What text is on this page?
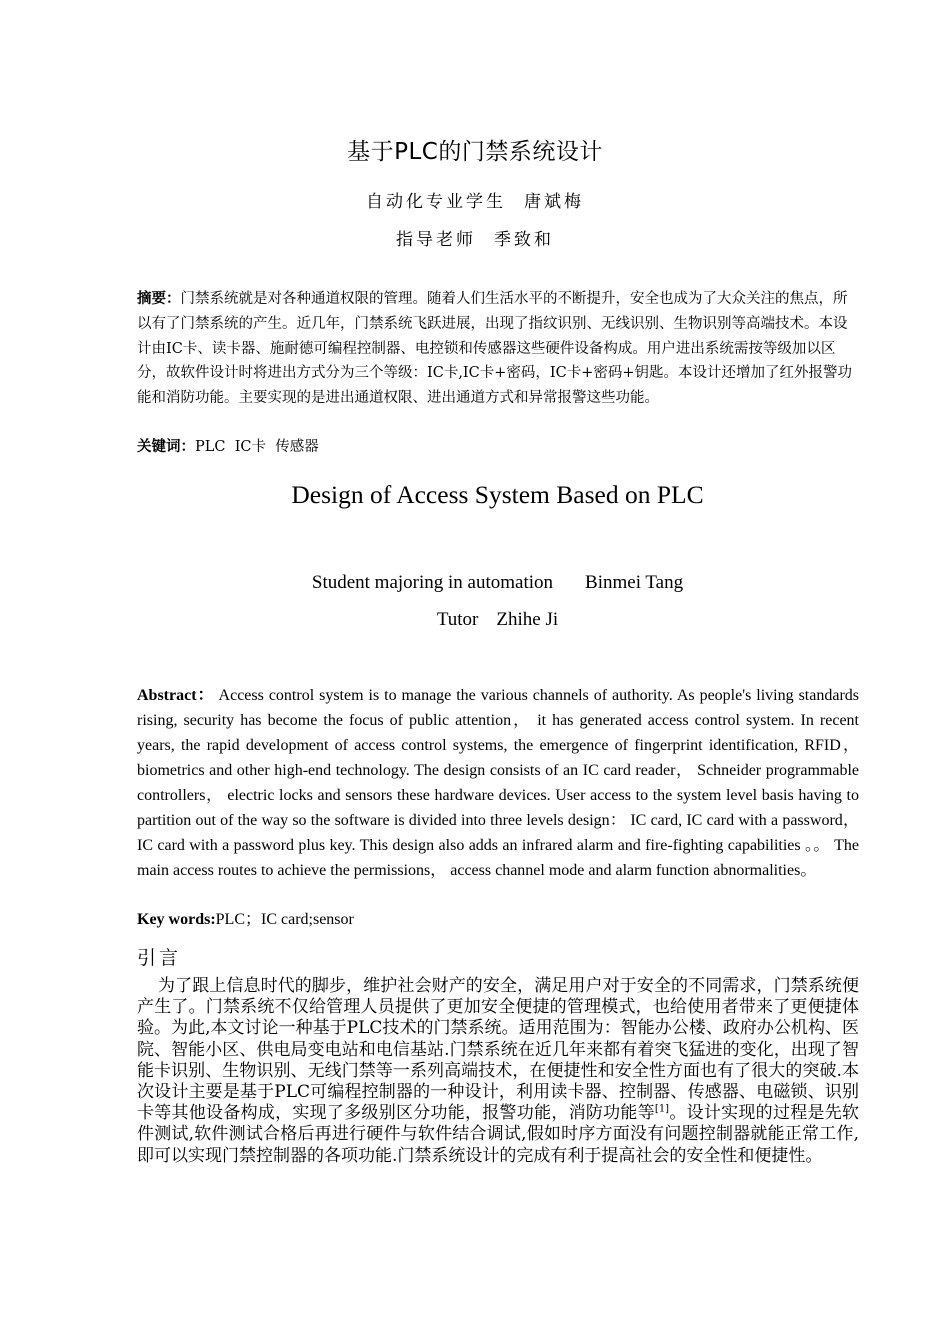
基于PLC的门禁系统设计
自动化专业学生 唐斌梅
指导老师 季致和
摘要：门禁系统就是对各种通道权限的管理。随着人们生活水平的不断提升，安全也成为了大众关注的焦点，所以有了门禁系统的产生。近几年，门禁系统飞跃进展，出现了指纹识别、无线识别、生物识别等高端技术。本设计由IC卡、读卡器、施耐德可编程控制器、电控锁和传感器这些硬件设备构成。用户进出系统需按等级加以区分，故软件设计时将进出方式分为三个等级：IC卡,IC卡+密码，IC卡+密码+钥匙。本设计还增加了红外报警功能和消防功能。主要实现的是进出通道权限、进出通道方式和异常报警这些功能。
关键词：PLC  IC卡  传感器
Design of Access System Based on PLC
Student majoring in automation Binmei Tang
Tutor Zhihe Ji
Abstract： Access control system is to manage the various channels of authority. As people's living standards rising, security has become the focus of public attention， it has generated access control system. In recent years, the rapid development of access control systems, the emergence of fingerprint identification, RFID， biometrics and other high-end technology. The design consists of an IC card reader， Schneider programmable controllers， electric locks and sensors these hardware devices. User access to the system level basis having to partition out of the way so the software is divided into three levels design： IC card, IC card with a password， IC card with a password plus key. This design also adds an infrared alarm and fire-fighting capabilities 。。 The main access routes to achieve the permissions， access channel mode and alarm function abnormalities。
Key words:PLC；IC card;sensor
引言
为了跟上信息时代的脚步，维护社会财产的安全，满足用户对于安全的不同需求，门禁系统便产生了。门禁系统不仅给管理人员提供了更加安全便捷的管理模式，也给使用者带来了更便捷体验。为此,本文讨论一种基于PLC技术的门禁系统。适用范围为：智能办公楼、政府办公机构、医院、智能小区、供电局变电站和电信基站.门禁系统在近几年来都有着突飞猛进的变化，出现了智能卡识别、生物识别、无线门禁等一系列高端技术，在便捷性和安全性方面也有了很大的突破.本次设计主要是基于PLC可编程控制器的一种设计，利用读卡器、控制器、传感器、电磁锁、识别卡等其他设备构成，实现了多级别区分功能，报警功能，消防功能等[1]。设计实现的过程是先软件测试,软件测试合格后再进行硬件与软件结合调试,假如时序方面没有问题控制器就能正常工作,即可以实现门禁控制器的各项功能.门禁系统设计的完成有利于提高社会的安全性和便捷性。
